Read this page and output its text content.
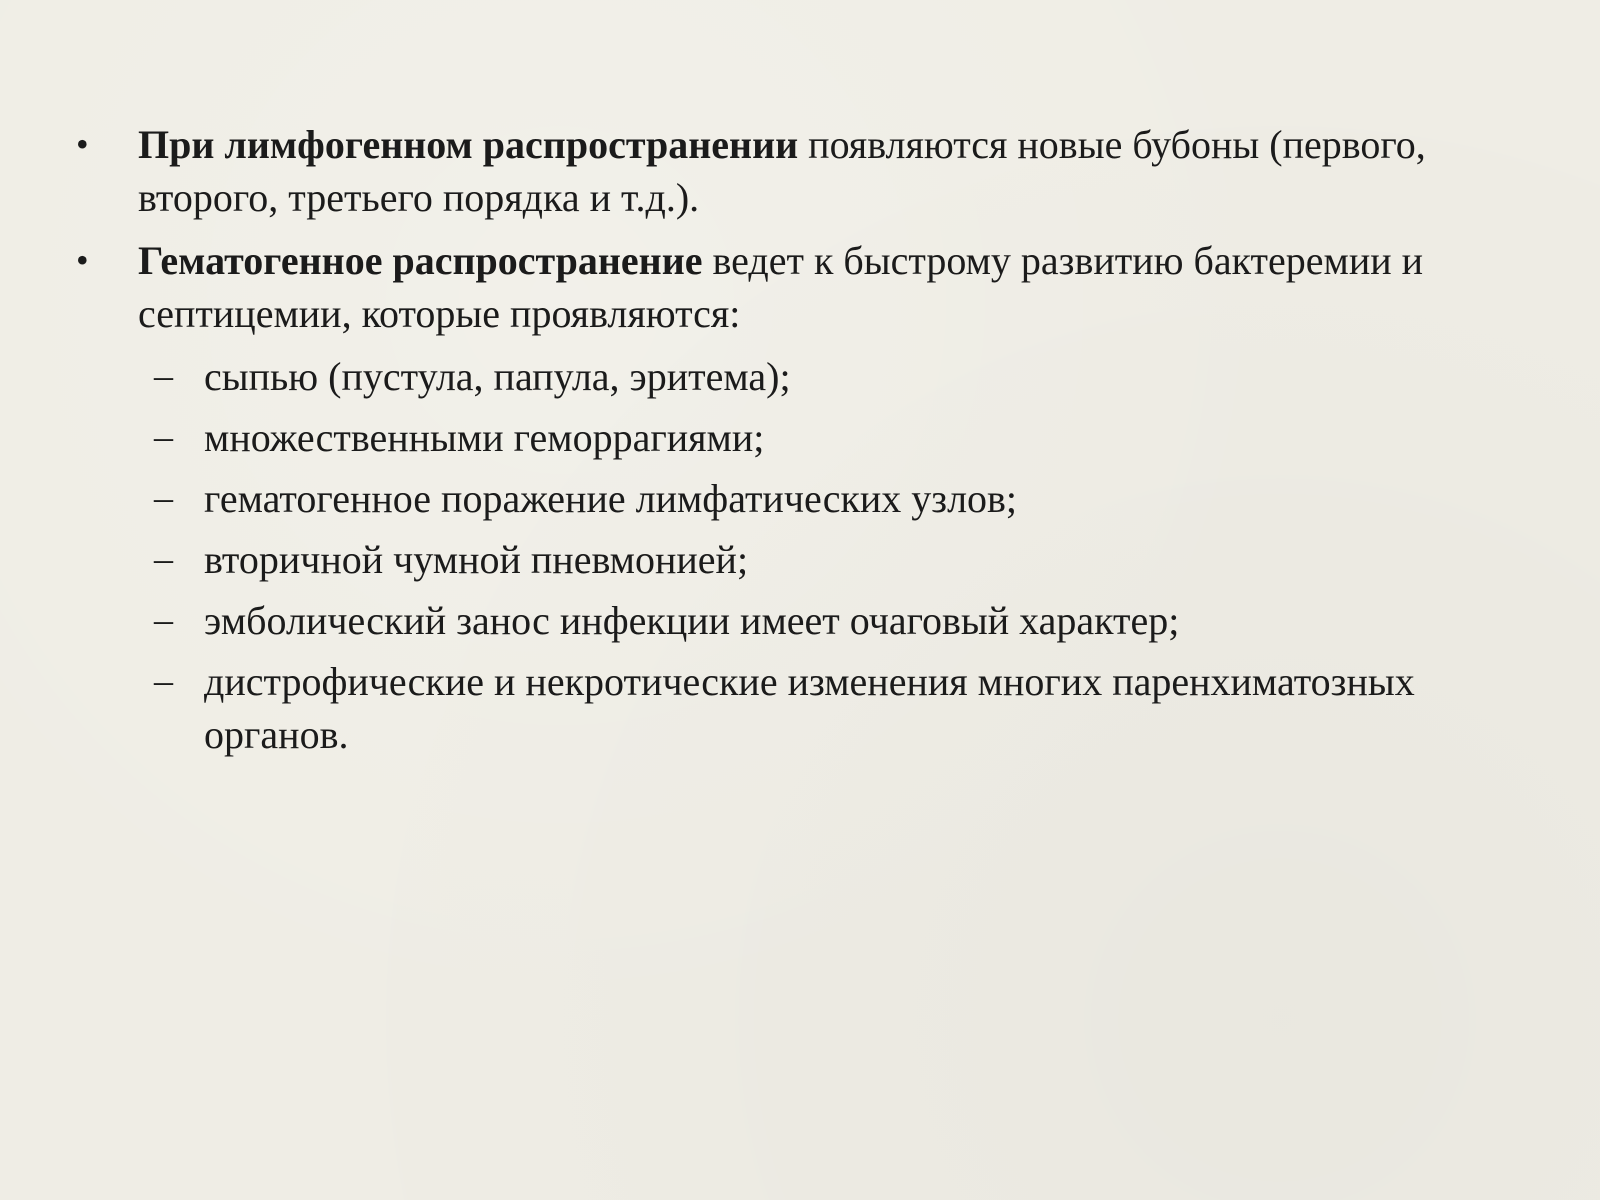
•	При лимфогенном распространении появляются новые бубоны (первого, второго, третьего порядка и т.д.).
•	Гематогенное распространение ведет к быстрому развитию бактеремии и септицемии, которые проявляются:
– сыпью (пустула, папула, эритема);
– множественными геморрагиями;
– гематогенное поражение лимфатических узлов;
– вторичной чумной пневмонией;
– эмболический занос инфекции имеет очаговый характер;
– дистрофические и некротические изменения многих паренхиматозных органов.
